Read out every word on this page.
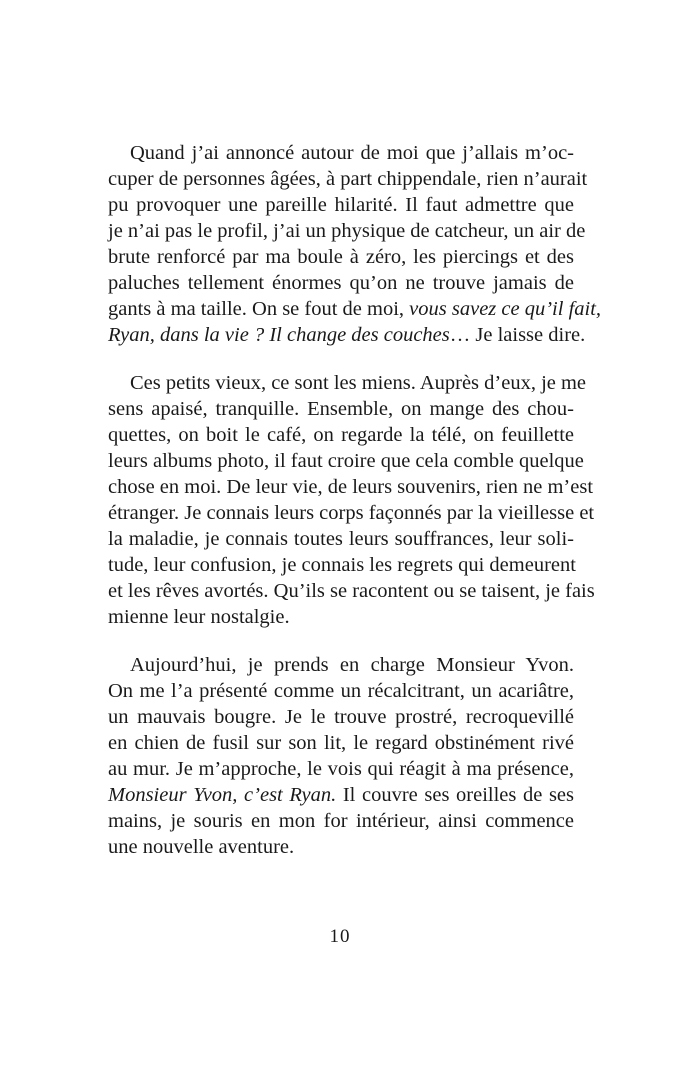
Quand j’ai annoncé autour de moi que j’allais m’oc-
cuper de personnes âgées, à part chippendale, rien n’aurait
pu provoquer une pareille hilarité. Il faut admettre que
je n’ai pas le profil, j’ai un physique de catcheur, un air de
brute renforcé par ma boule à zéro, les piercings et des
paluches tellement énormes qu’on ne trouve jamais de
gants à ma taille. On se fout de moi, vous savez ce qu’il fait,
Ryan, dans la vie ? Il change des couches… Je laisse dire.
Ces petits vieux, ce sont les miens. Auprès d’eux, je me
sens apaisé, tranquille. Ensemble, on mange des chou-
quettes, on boit le café, on regarde la télé, on feuillette
leurs albums photo, il faut croire que cela comble quelque
chose en moi. De leur vie, de leurs souvenirs, rien ne m’est
étranger. Je connais leurs corps façonnés par la vieillesse et
la maladie, je connais toutes leurs souffrances, leur soli-
tude, leur confusion, je connais les regrets qui demeurent
et les rêves avortés. Qu’ils se racontent ou se taisent, je fais
mienne leur nostalgie.
Aujourd’hui, je prends en charge Monsieur Yvon.
On me l’a présenté comme un récalcitrant, un acariâtre,
un mauvais bougre. Je le trouve prostré, recroquevillé
en chien de fusil sur son lit, le regard obstinément rivé
au mur. Je m’approche, le vois qui réagit à ma présence,
Monsieur Yvon, c’est Ryan. Il couvre ses oreilles de ses
mains, je souris en mon for intérieur, ainsi commence
une nouvelle aventure.
10
